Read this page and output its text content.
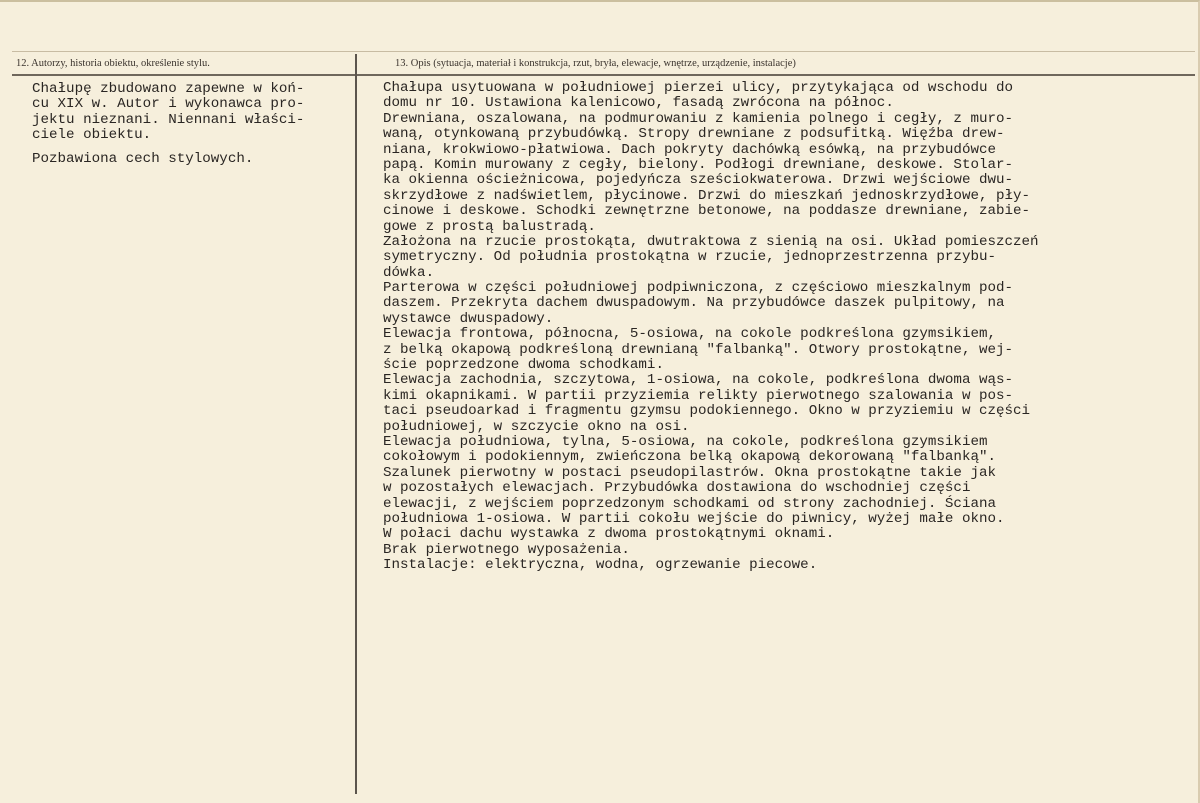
12. Autorzy, historia obiektu, określenie stylu.	13. Opis (sytuacja, materiał i konstrukcja, rzut, bryła, elewacje, wnętrze, urządzenie, instalacje)
Chałupę zbudowano zapewne w koń-
cu XIX w. Autor i wykonawca pro-
jektu nieznani. Niennani właści-
ciele obiektu.
Pozbawiona cech stylowych.
Chałupa usytuowana w południowej pierzei ulicy, przytykająca od wschodu do
domu nr 10. Ustawiona kalenicowo, fasadą zwrócona na północ.
Drewniana, oszalowana, na podmurowaniu z kamienia polnego i cegły, z muro-
waną, otynkowaną przybudówką. Stropy drewniane z podsufitką. Więźba drew-
niana, krokwiowo-płatwiowa. Dach pokryty dachówką esówką, na przybudówce
papą. Komin murowany z cegły, bielony. Podłogi drewniane, deskowe. Stolar-
ka okienna ościeżnicowa, pojedyńcza sześciokwaterowa. Drzwi wejściowe dwu-
skrzydłowe z nadświetlem, płycinowe. Drzwi do mieszkań jednoskrzydłowe, pły-
cinowe i deskowe. Schodki zewnętrzne betonowe, na poddasze drewniane, zabie-
gowe z prostą balustradą.
Założona na rzucie prostokąta, dwutraktowa z sienią na osi. Układ pomieszczeń
symetryczny. Od południa prostokątna w rzucie, jednoprzestrzenna przybu-
dówka.
Parterowa w części południowej podpiwniczona, z częściowo mieszkalnym pod-
daszem. Przekryta dachem dwuspadowym. Na przybudówce daszek pulpitowy, na
wystawce dwuspadowy.
Elewacja frontowa, północna, 5-osiowa, na cokole podkreślona gzymsikiem,
z belką okapową podkreśloną drewnianą "falbanką". Otwory prostokątne, wej-
ście poprzedzone dwoma schodkami.
Elewacja zachodnia, szczytowa, 1-osiowa, na cokole, podkreślona dwoma wąs-
kimi okapnikami. W partii przyziemia relikty pierwotnego szalowania w pos-
taci pseudoarkad i fragmentu gzymsu podokiennego. Okno w przyziemiu w części
południowej, w szczycie okno na osi.
Elewacja południowa, tylna, 5-osiowa, na cokole, podkreślona gzymsikiem
cokołowym i podokiennym, zwieńczona belką okapową dekorowaną "falbanką".
Szalunek pierwotny w postaci pseudopilastrów. Okna prostokątne takie jak
w pozostałych elewacjach. Przybudówka dostawiona do wschodniej części
elewacji, z wejściem poprzedzonym schodkami od strony zachodniej. Ściana
południowa 1-osiowa. W partii cokołu wejście do piwnicy, wyżej małe okno.
W połaci dachu wystawka z dwoma prostokątnymi oknami.
Brak pierwotnego wyposażenia.
Instalacje: elektryczna, wodna, ogrzewanie piecowe.
